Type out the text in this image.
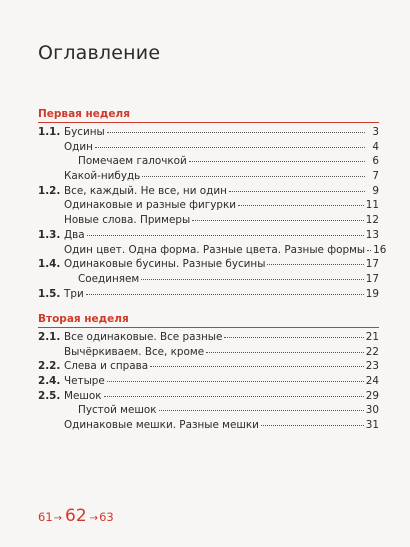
Оглавление
Первая неделя
1.1. Бусины	3
Один	4
Помечаем галочкой	6
Какой-нибудь	7
1.2. Все, каждый. Не все, ни один	9
Одинаковые и разные фигурки	11
Новые слова. Примеры	12
1.3. Два	13
Один цвет. Одна форма. Разные цвета. Разные формы 16
1.4. Одинаковые бусины. Разные бусины	17
Соединяем	17
1.5. Три	19
Вторая неделя
2.1. Все одинаковые. Все разные	21
Вычёркиваем. Все, кроме	22
2.2. Слева и справа	23
2.4. Четыре	24
2.5. Мешок	29
Пустой мешок	30
Одинаковые мешки. Разные мешки	31
61 → 62 → 63
